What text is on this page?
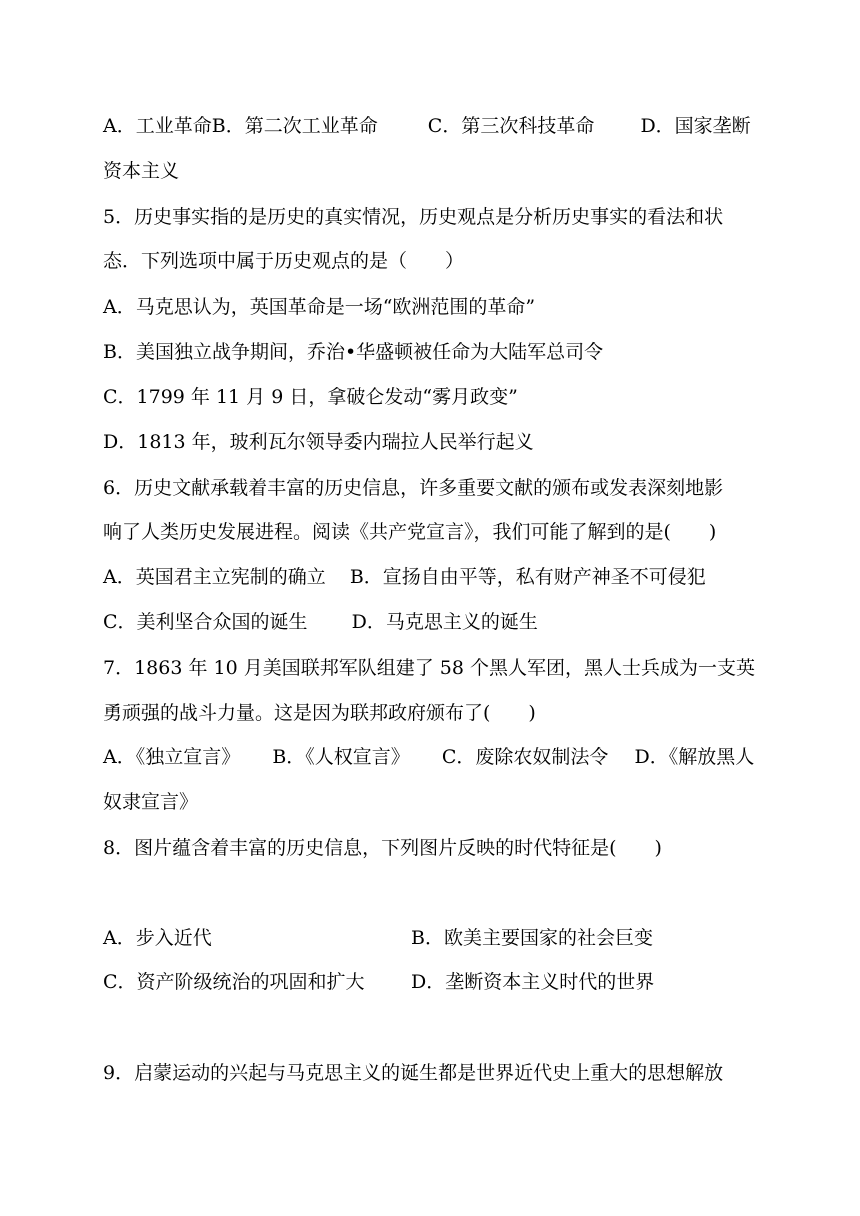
A．工业革命B．第二次工业革命	C．第三次科技革命 D．国家垄断
资本主义
5．历史事实指的是历史的真实情况，历史观点是分析历史事实的看法和状
态．下列选项中属于历史观点的是（　　）
A．马克思认为，英国革命是一场“欧洲范围的革命”
B．美国独立战争期间，乔治•华盛顿被任命为大陆军总司令
C．1799 年 11 月 9 日，拿破仑发动“雾月政变”
D．1813 年，玻利瓦尔领导委内瑞拉人民举行起义
6．历史文献承载着丰富的历史信息，许多重要文献的颁布或发表深刻地影
响了人类历史发展进程。阅读《共产党宣言》，我们可能了解到的是(　　)
A．英国君主立宪制的确立 B．宣扬自由平等，私有财产神圣不可侵犯
C．美利坚合众国的诞生 D．马克思主义的诞生
7．1863 年 10 月美国联邦军队组建了 58 个黑人军团，黑人士兵成为一支英
勇顽强的战斗力量。这是因为联邦政府颁布了(　　)
A．《独立宣言》 B．《人权宣言》 C．废除农奴制法令 D．《解放黑人
奴隶宣言》
8．图片蕴含着丰富的历史信息，下列图片反映的时代特征是(　　)
A．步入近代	B．欧美主要国家的社会巨变
C．资产阶级统治的巩固和扩大 D．垄断资本主义时代的世界
9．启蒙运动的兴起与马克思主义的诞生都是世界近代史上重大的思想解放
